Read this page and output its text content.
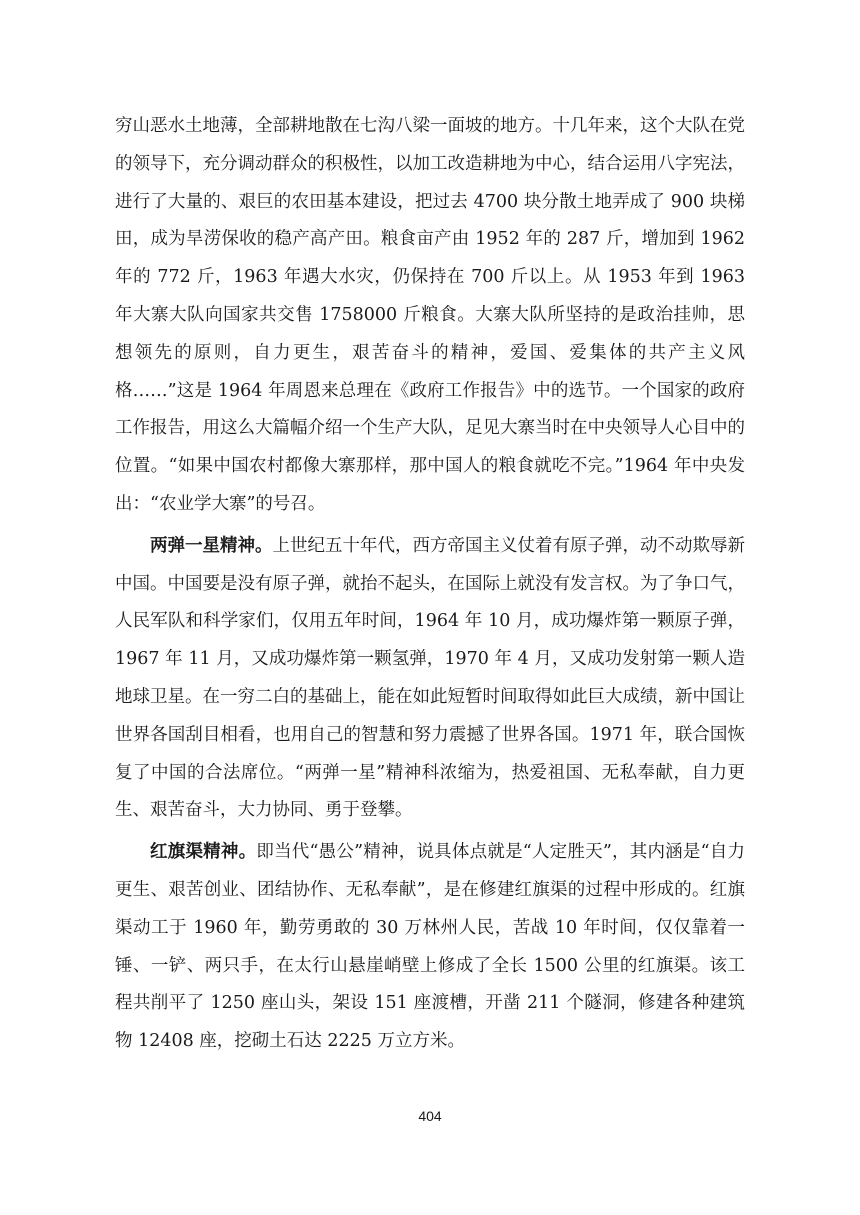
穷山恶水土地薄，全部耕地散在七沟八梁一面坡的地方。十几年来，这个大队在党的领导下，充分调动群众的积极性，以加工改造耕地为中心，结合运用八字宪法，进行了大量的、艰巨的农田基本建设，把过去 4700 块分散土地弄成了 900 块梯田，成为旱涝保收的稳产高产田。粮食亩产由 1952 年的 287 斤，增加到 1962 年的 772 斤，1963 年遇大水灾，仍保持在 700 斤以上。从 1953 年到 1963 年大寨大队向国家共交售 1758000 斤粮食。大寨大队所坚持的是政治挂帅，思想领先的原则，自力更生，艰苦奋斗的精神，爱国、爱集体的共产主义风格……”这是 1964 年周恩来总理在《政府工作报告》中的选节。一个国家的政府工作报告，用这么大篇幅介绍一个生产大队，足见大寨当时在中央领导人心目中的位置。“如果中国农村都像大寨那样，那中国人的粮食就吃不完。”1964 年中央发出：“农业学大寨”的号召。

两弹一星精神。上世纪五十年代，西方帝国主义仗着有原子弹，动不动欺辱新中国。中国要是没有原子弹，就抬不起头，在国际上就没有发言权。为了争口气，人民军队和科学家们，仅用五年时间，1964 年 10 月，成功爆炸第一颗原子弹，1967 年 11 月，又成功爆炸第一颗氢弹，1970 年 4 月，又成功发射第一颗人造地球卫星。在一穷二白的基础上，能在如此短暂时间取得如此巨大成绩，新中国让世界各国刮目相看，也用自己的智慧和努力震撼了世界各国。1971 年，联合国恢复了中国的合法席位。“两弹一星”精神科浓缩为，热爱祖国、无私奉献，自力更生、艰苦奋斗，大力协同、勇于登攀。

红旗渠精神。即当代“愚公”精神，说具体点就是“人定胜天”，其内涵是“自力更生、艰苦创业、团结协作、无私奉献”，是在修建红旗渠的过程中形成的。红旗渠动工于 1960 年，勤劳勇敢的 30 万林州人民，苦战 10 年时间，仅仅靠着一锤、一铲、两只手，在太行山悬崖峭壁上修成了全长 1500 公里的红旗渠。该工程共削平了 1250 座山头，架设 151 座渡槽，开凿 211 个隧洞，修建各种建筑物 12408 座，挖砌土石达 2225 万立方米。

404
